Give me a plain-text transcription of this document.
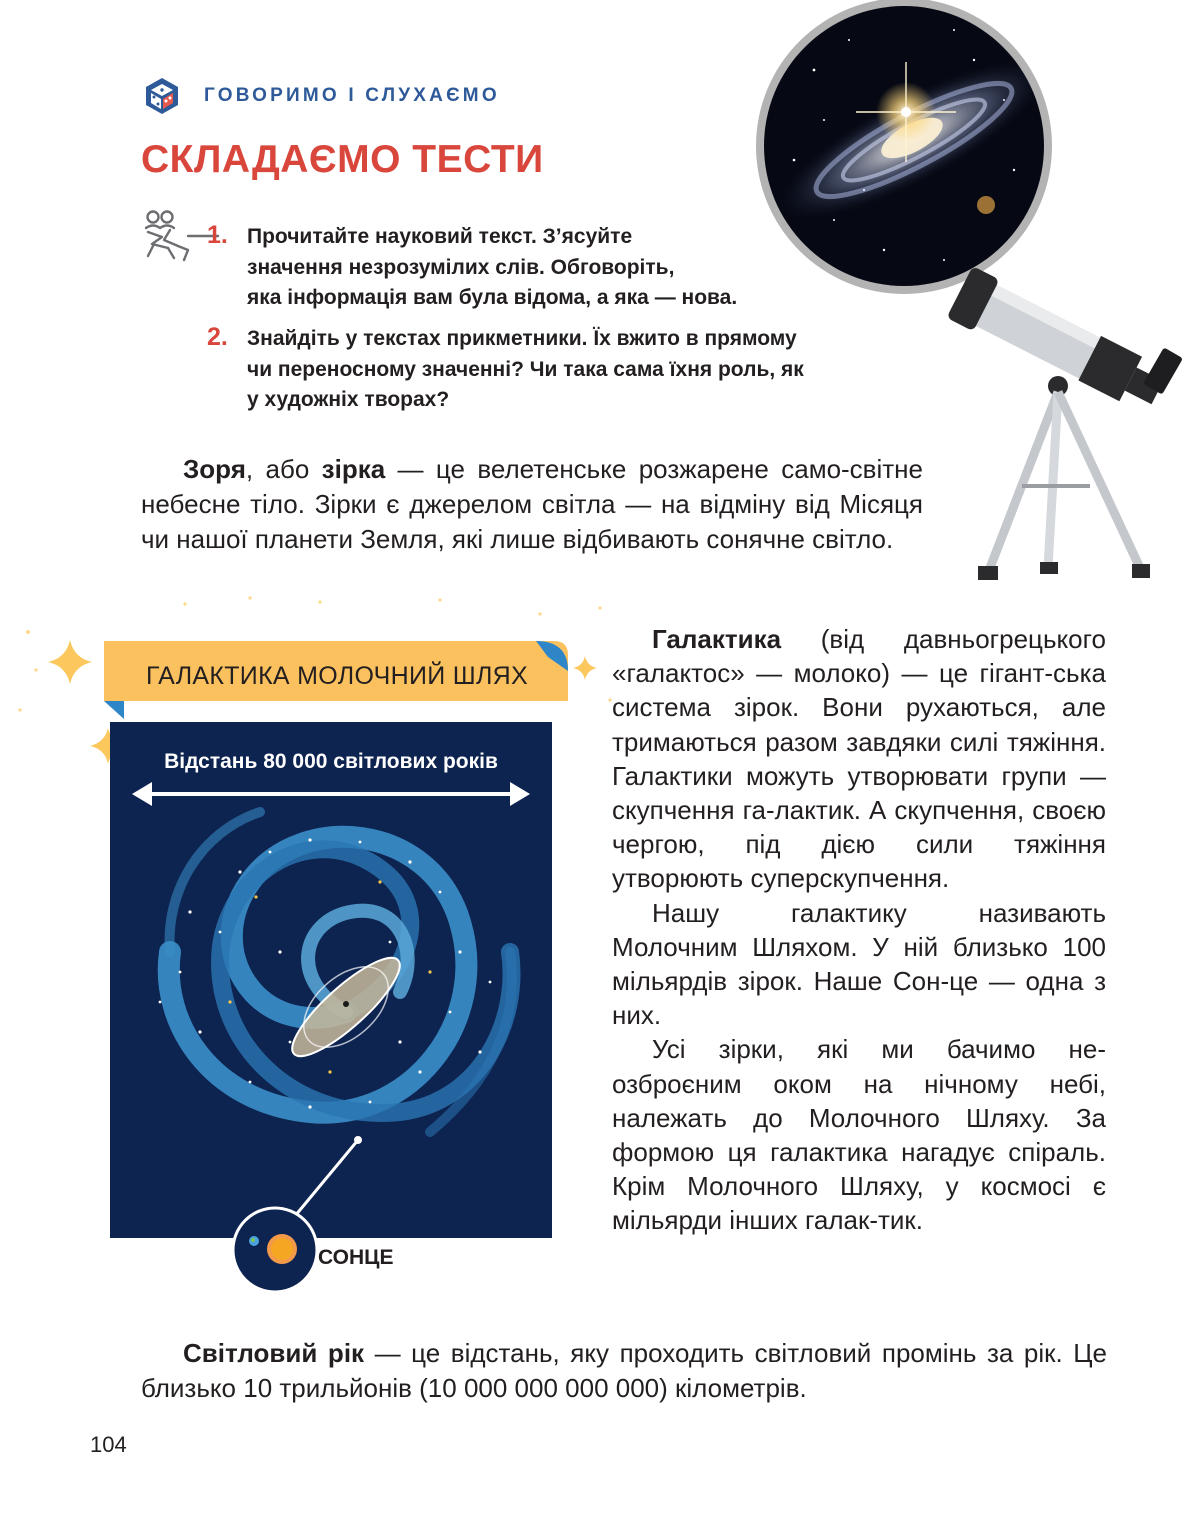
ГОВОРИМО І СЛУХАЄМО
СКЛАДАЄМО ТЕСТИ
1. Прочитайте науковий текст. З’ясуйте
значення незрозумілих слів. Обговоріть,
яка інформація вам була відома, а яка — нова.
2. Знайдіть у текстах прикметники. Їх вжито в прямому
чи переносному значенні? Чи така сама їхня роль, як
у художніх творах?

Зоря, або зірка — це велетенське розжарене само-світне небесне тіло. Зірки є джерелом світла — на відміну від Місяця чи нашої планети Земля, які лише відбивають сонячне світло.

ГАЛАКТИКА МОЛОЧНИЙ ШЛЯХ
Відстань 80 000 світлових років
СОНЦЕ

Галактика (від давньогрецького «галактос» — молоко) — це гігант-ська система зірок. Вони рухаються, але тримаються разом завдяки силі тяжіння. Галактики можуть утворювати групи — скупчення га-лактик. А скупчення, своєю чергою, під дією сили тяжіння утворюють суперскупчення.

Нашу галактику називають Молочним Шляхом. У ній близько 100 мільярдів зірок. Наше Сон-це — одна з них.

Усі зірки, які ми бачимо не-озброєним оком на нічному небі, належать до Молочного Шляху. За формою ця галактика нагадує спіраль. Крім Молочного Шляху, у космосі є мільярди інших галак-тик.

Світловий рік — це відстань, яку проходить світловий промінь за рік. Це близько 10 трильйонів (10 000 000 000 000) кілометрів.

104
